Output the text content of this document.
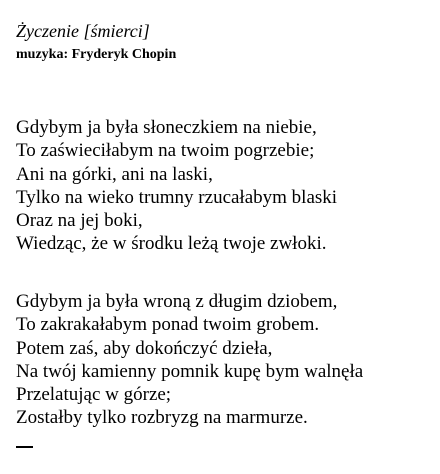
Życzenie [śmierci]
muzyka: Fryderyk Chopin
Gdybym ja była słoneczkiem na niebie,
To zaświeciłabym na twoim pogrzebie;
Ani na górki, ani na laski,
Tylko na wieko trumny rzucałabym blaski
Oraz na jej boki,
Wiedząc, że w środku leżą twoje zwłoki.
Gdybym ja była wroną z długim dziobem,
To zakrakałabym ponad twoim grobem.
Potem zaś, aby dokończyć dzieła,
Na twój kamienny pomnik kupę bym walnęła
Przelatując w górze;
Zostałby tylko rozbryzg na marmurze.
